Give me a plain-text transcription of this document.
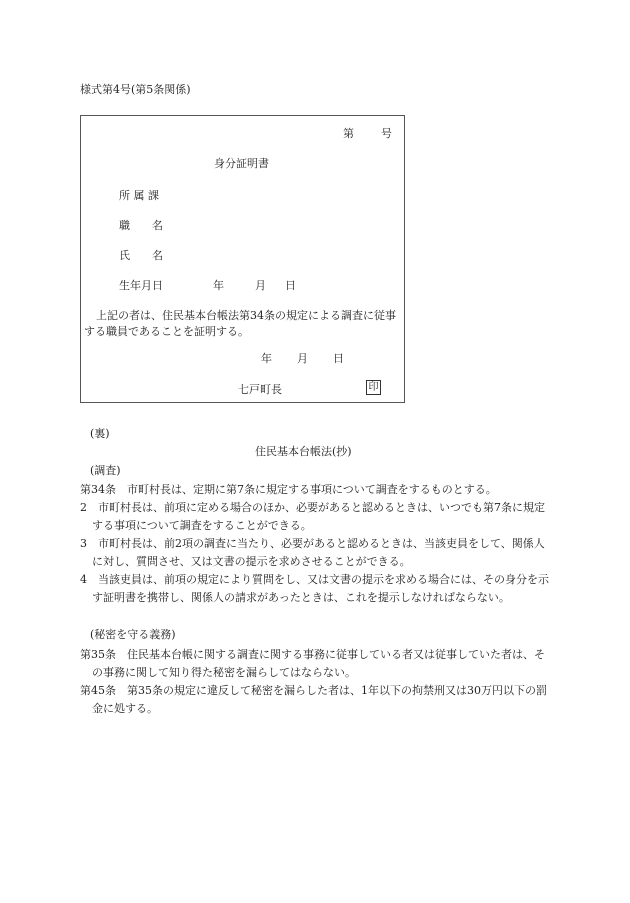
様式第4号(第5条関係)
第 号
身分証明書
所 属 課
職　　名
氏　　名
生年月日	年	月 日
上記の者は、住民基本台帳法第34条の規定による調査に従事する職員であることを証明する。
年 月 日
七戸町長	印
(裏)
住民基本台帳法(抄)
(調査)
第34条　市町村長は、定期に第7条に規定する事項について調査をするものとする。
2　市町村長は、前項に定める場合のほか、必要があると認めるときは、いつでも第7条に規定する事項について調査をすることができる。
3　市町村長は、前2項の調査に当たり、必要があると認めるときは、当該吏員をして、関係人に対し、質問させ、又は文書の提示を求めさせることができる。
4　当該吏員は、前項の規定により質問をし、又は文書の提示を求める場合には、その身分を示す証明書を携帯し、関係人の請求があったときは、これを提示しなければならない。
(秘密を守る義務)
第35条　住民基本台帳に関する調査に関する事務に従事している者又は従事していた者は、その事務に関して知り得た秘密を漏らしてはならない。
第45条　第35条の規定に違反して秘密を漏らした者は、1年以下の拘禁刑又は30万円以下の罰金に処する。
